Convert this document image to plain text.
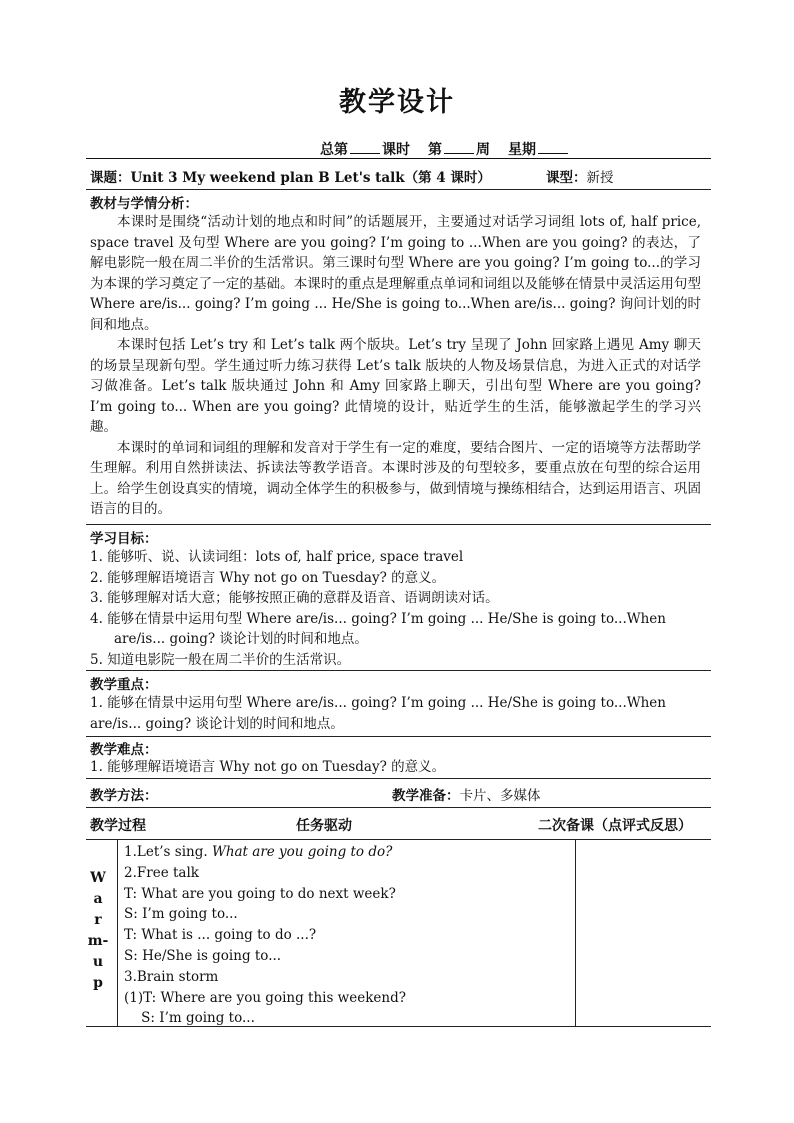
教学设计
总第 课时 第 周 星期
课题：Unit 3 My weekend plan B Let's talk（第 4 课时）	课型：新授
教材与学情分析：

本课时是围绕“活动计划的地点和时间”的话题展开，主要通过对话学习词组 lots of, half price, space travel 及句型 Where are you going? I’m going to ...When are you going? 的表达，了解电影院一般在周二半价的生活常识。第三课时句型 Where are you going? I’m going to...的学习为本课的学习奠定了一定的基础。本课时的重点是理解重点单词和词组以及能够在情景中灵活运用句型 Where are/is... going? I’m going ... He/She is going to...When are/is... going? 询问计划的时间和地点。

本课时包括 Let’s try 和 Let’s talk 两个版块。Let’s try 呈现了 John 回家路上遇见 Amy 聊天的场景呈现新句型。学生通过听力练习获得 Let’s talk 版块的人物及场景信息，为进入正式的对话学习做准备。Let’s talk 版块通过 John 和 Amy 回家路上聊天，引出句型 Where are you going? I’m going to... When are you going? 此情境的设计，贴近学生的生活，能够激起学生的学习兴趣。

本课时的单词和词组的理解和发音对于学生有一定的难度，要结合图片、一定的语境等方法帮助学生理解。利用自然拼读法、拆读法等教学语音。本课时涉及的句型较多，要重点放在句型的综合运用上。给学生创设真实的情境，调动全体学生的积极参与，做到情境与操练相结合，达到运用语言、巩固语言的目的。

学习目标：
1. 能够听、说、认读词组：lots of, half price, space travel
2. 能够理解语境语言 Why not go on Tuesday? 的意义。
3. 能够理解对话大意；能够按照正确的意群及语音、语调朗读对话。
4. 能够在情景中运用句型 Where are/is... going? I’m going ... He/She is going to...When
are/is... going? 谈论计划的时间和地点。
5. 知道电影院一般在周二半价的生活常识。
教学重点：
1. 能够在情景中运用句型 Where are/is... going? I’m going ... He/She is going to...When are/is... going? 谈论计划的时间和地点。
教学难点：
1. 能够理解语境语言 Why not go on Tuesday? 的意义。
教学方法：	教学准备：卡片、多媒体
教学过程	任务驱动	二次备课（点评式反思）
W
a
r
m-
u
p
1.Let’s sing. What are you going to do?
2.Free talk
T: What are you going to do next week?
S: I’m going to...
T: What is ... going to do ...?
S: He/She is going to...
3.Brain storm
(1)T: Where are you going this weekend?
S: I’m going to...
